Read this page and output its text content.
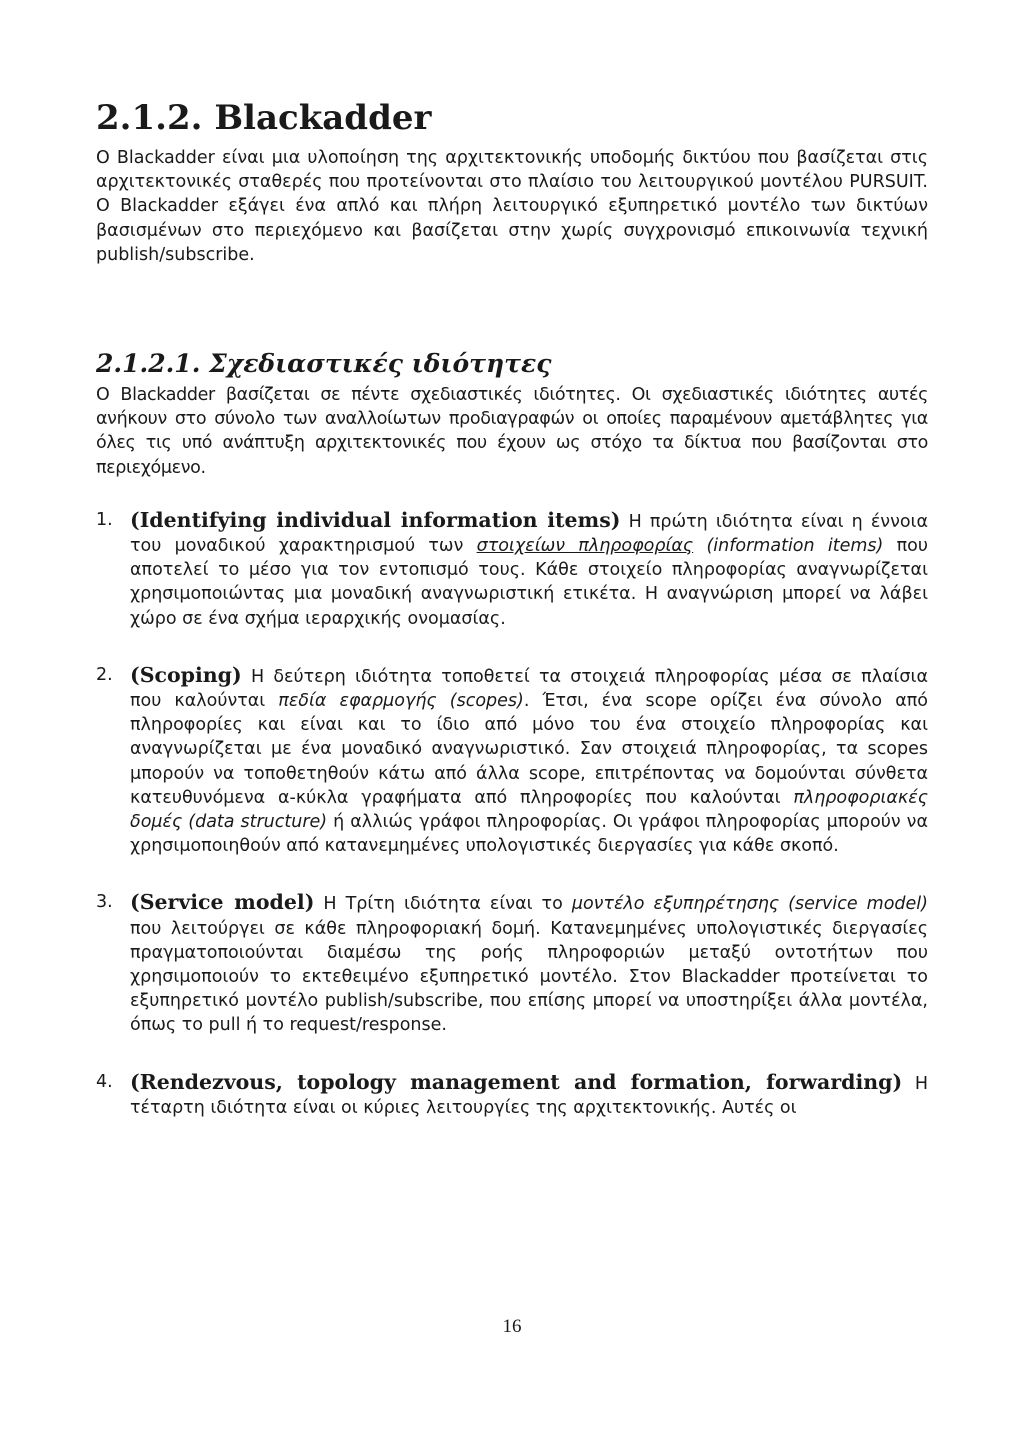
2.1.2. Blackadder

O Blackadder είναι μια υλοποίηση της αρχιτεκτονικής υποδομής δικτύου που βασίζεται στις αρχιτεκτονικές σταθερές που προτείνονται στο πλαίσιο του λειτουργικού μοντέλου PURSUIT. Ο Blackadder εξάγει ένα απλό και πλήρη λειτουργικό εξυπηρετικό μοντέλο των δικτύων βασισμένων στο περιεχόμενο και βασίζεται στην χωρίς συγχρονισμό επικοινωνία τεχνική publish/subscribe.

2.1.2.1. Σχεδιαστικές ιδιότητες

Ο Blackadder βασίζεται σε πέντε σχεδιαστικές ιδιότητες. Οι σχεδιαστικές ιδιότητες αυτές ανήκουν στο σύνολο των αναλλοίωτων προδιαγραφών οι οποίες παραμένουν αμετάβλητες για όλες τις υπό ανάπτυξη αρχιτεκτονικές που έχουν ως στόχο τα δίκτυα που βασίζονται στο περιεχόμενο.

1. (Identifying individual information items) Η πρώτη ιδιότητα είναι η έννοια του μοναδικού χαρακτηρισμού των στοιχείων πληροφορίας (information items) που αποτελεί το μέσο για τον εντοπισμό τους. Κάθε στοιχείο πληροφορίας αναγνωρίζεται χρησιμοποιώντας μια μοναδική αναγνωριστική ετικέτα. Η αναγνώριση μπορεί να λάβει χώρο σε ένα σχήμα ιεραρχικής ονομασίας.
2. (Scoping) Η δεύτερη ιδιότητα τοποθετεί τα στοιχειά πληροφορίας μέσα σε πλαίσια που καλούνται πεδία εφαρμογής (scopes). Έτσι, ένα scope ορίζει ένα σύνολο από πληροφορίες και είναι και το ίδιο από μόνο του ένα στοιχείο πληροφορίας και αναγνωρίζεται με ένα μοναδικό αναγνωριστικό. Σαν στοιχειά πληροφορίας, τα scopes μπορούν να τοποθετηθούν κάτω από άλλα scope, επιτρέποντας να δομούνται σύνθετα κατευθυνόμενα α-κύκλα γραφήματα από πληροφορίες που καλούνται πληροφοριακές δομές (data structure) ή αλλιώς γράφοι πληροφορίας. Οι γράφοι πληροφορίας μπορούν να χρησιμοποιηθούν από κατανεμημένες υπολογιστικές διεργασίες για κάθε σκοπό.
3. (Service model) Η Τρίτη ιδιότητα είναι το μοντέλο εξυπηρέτησης (service model) που λειτούργει σε κάθε πληροφοριακή δομή. Κατανεμημένες υπολογιστικές διεργασίες πραγματοποιούνται διαμέσω της ροής πληροφοριών μεταξύ οντοτήτων που χρησιμοποιούν το εκτεθειμένο εξυπηρετικό μοντέλο. Στον Blackadder προτείνεται το εξυπηρετικό μοντέλο publish/subscribe, που επίσης μπορεί να υποστηρίξει άλλα μοντέλα, όπως το pull ή το request/response.
4. (Rendezvous, topology management and formation, forwarding) Η τέταρτη ιδιότητα είναι οι κύριες λειτουργίες της αρχιτεκτονικής. Αυτές οι
16
